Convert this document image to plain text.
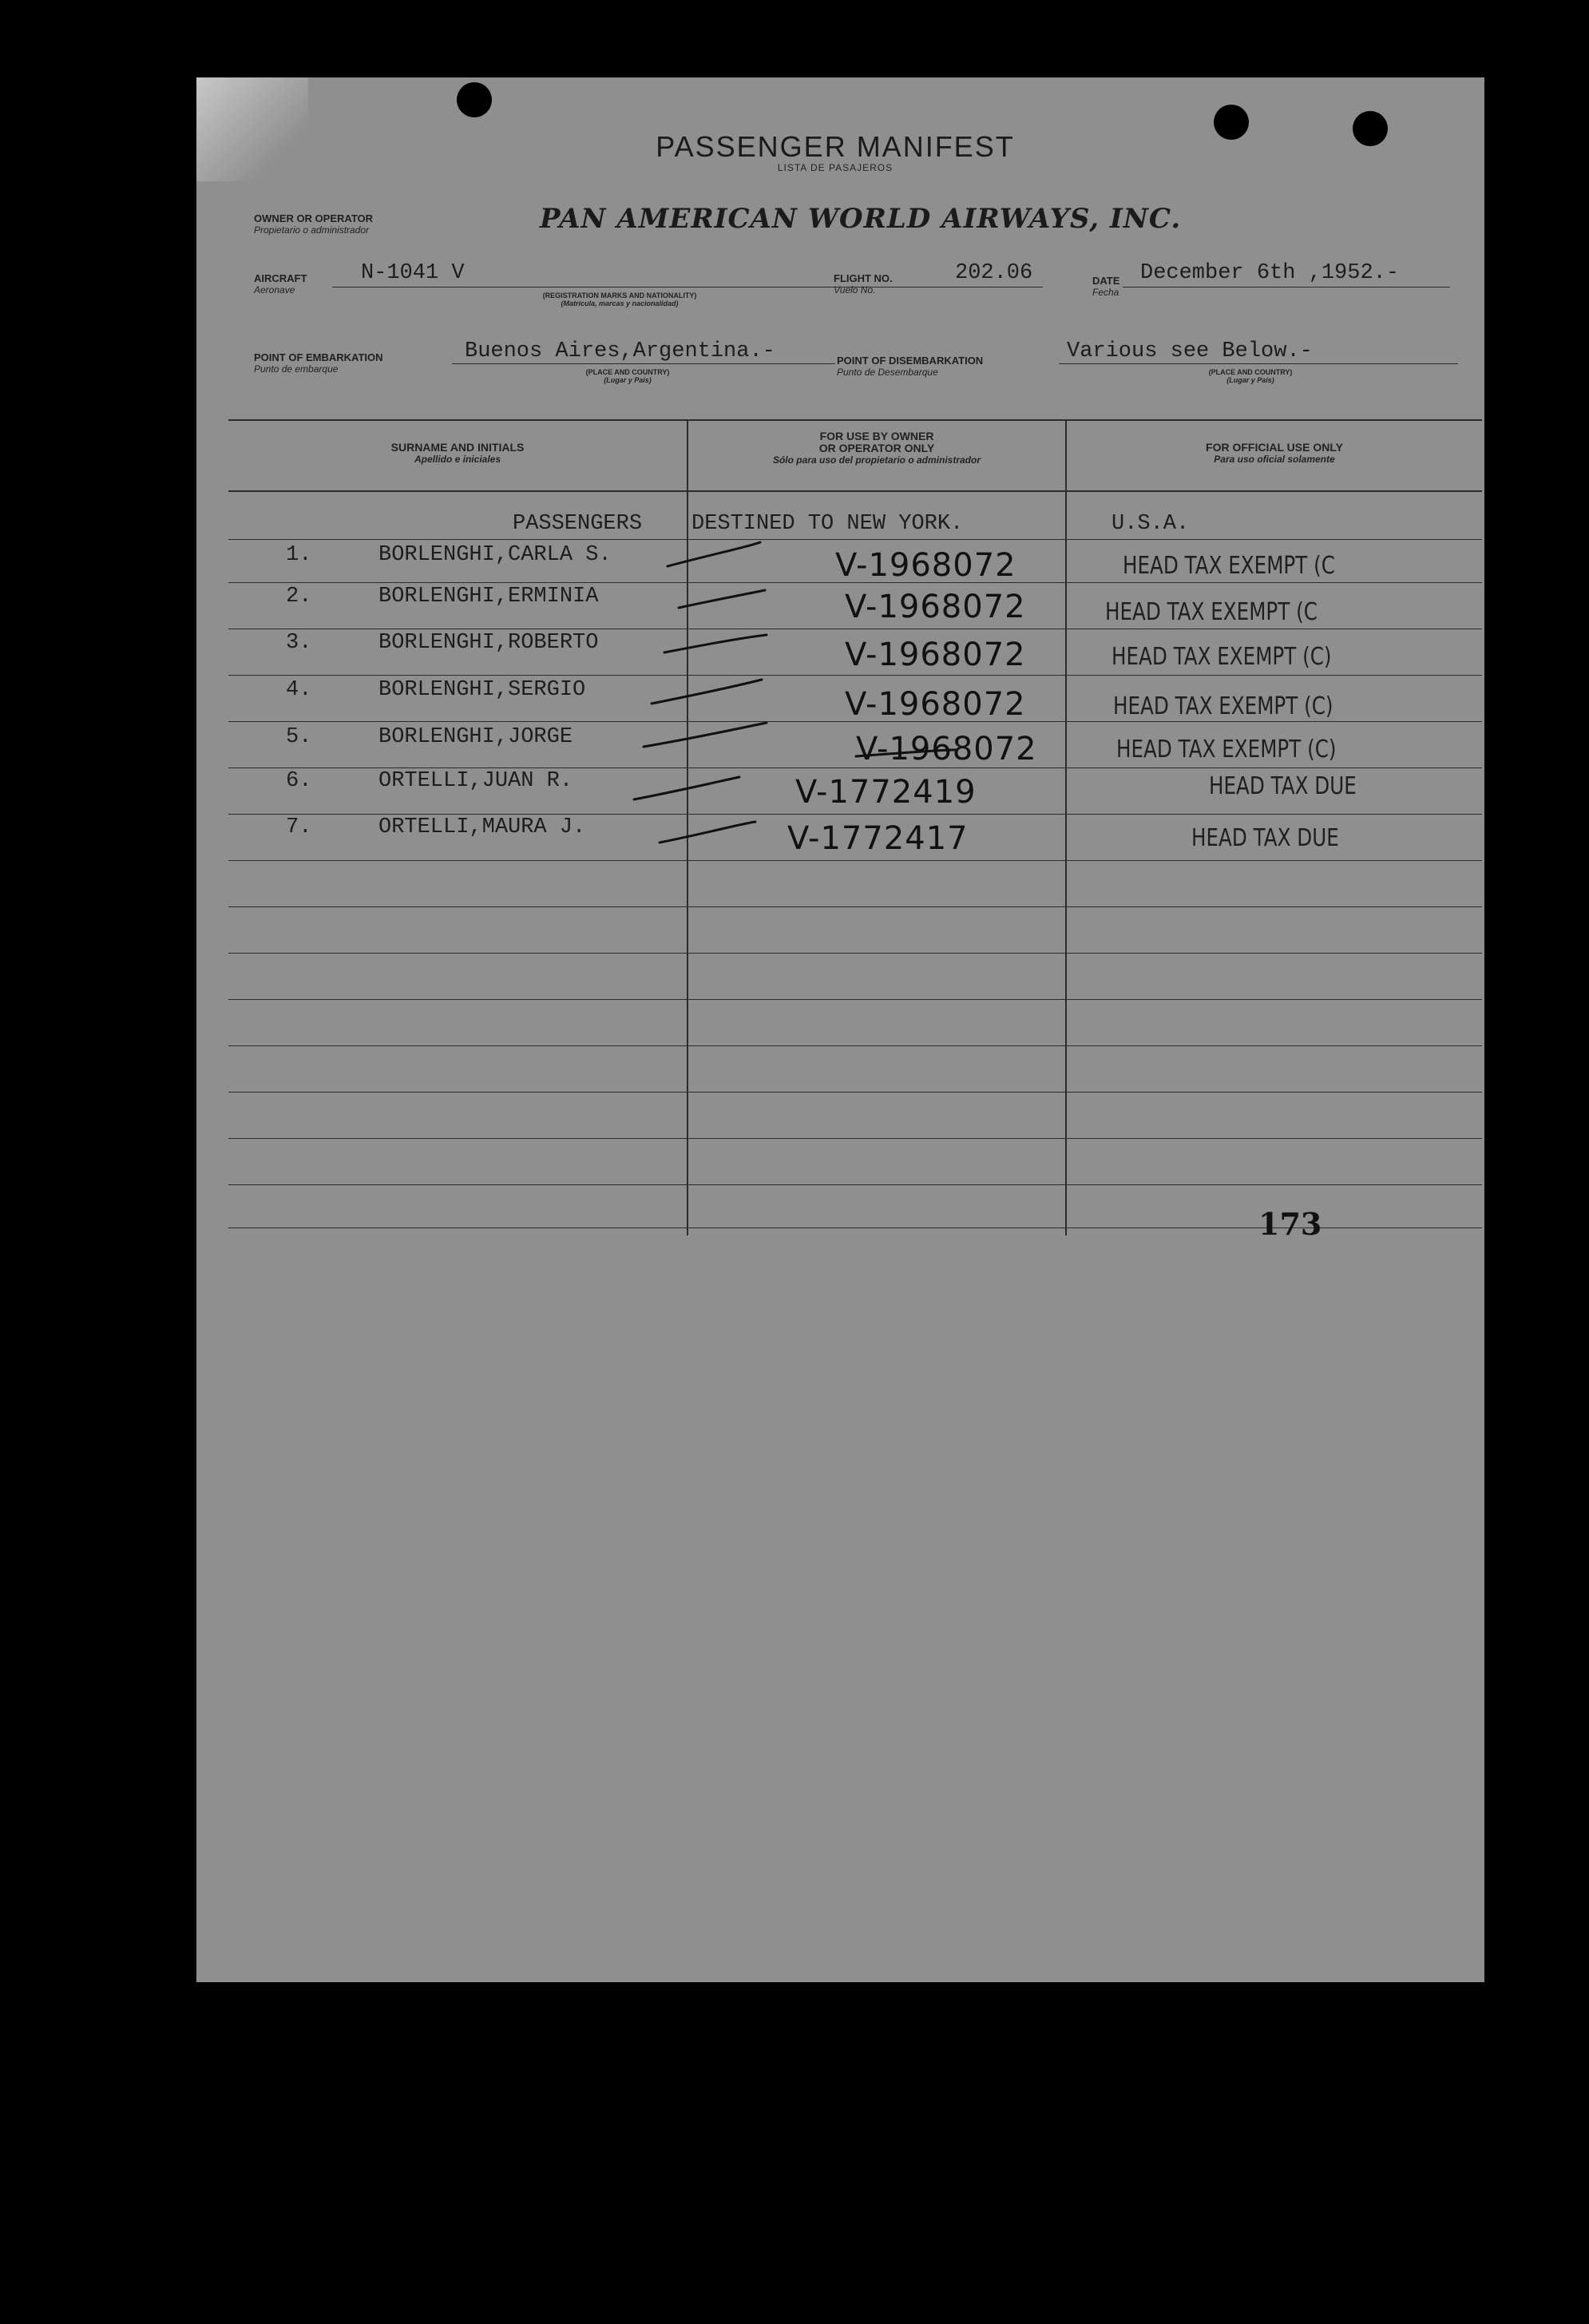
PASSENGER MANIFEST
LISTA DE PASAJEROS
OWNER OR OPERATOR
Propietario o administrador	PAN AMERICAN WORLD AIRWAYS, INC.
AIRCRAFT
Aeronave
N-1041 V
(REGISTRATION MARKS AND NATIONALITY)
(Matrícula, marcas y nacionalidad)
FLIGHT NO.
Vuelo No.
202.06	DATE
Fecha
December 6th ,1952.-
POINT OF EMBARKATION
Punto de embarque
Buenos Aires,Argentina.-
(PLACE AND COUNTRY)
(Lugar y País)
POINT OF DISEMBARKATION
Punto de Desembarque
Various see Below.-
(PLACE AND COUNTRY)
(Lugar y País)
SURNAME AND INITIALS
Apellido e iniciales
FOR USE BY OWNER
OR OPERATOR ONLY
Sólo para uso del propietario o administrador
FOR OFFICIAL USE ONLY
Para uso oficial solamente
PASSENGERS DESTINED TO NEW YORK.	U.S.A.
1.	BORLENGHI,CARLA S.	V-1968072	HEAD TAX EXEMPT (C
2.	BORLENGHI,ERMINIA	V-1968072	HEAD TAX EXEMPT (C
3.	BORLENGHI,ROBERTO	V-1968072	HEAD TAX EXEMPT (C)
4.	BORLENGHI,SERGIO	V-1968072	HEAD TAX EXEMPT (C)
5.	BORLENGHI,JORGE	V-1968072	HEAD TAX EXEMPT (C)
6.	ORTELLI,JUAN R.	V-1772419	HEAD TAX DUE
7.	ORTELLI,MAURA J.	V-1772417	HEAD TAX DUE
173
